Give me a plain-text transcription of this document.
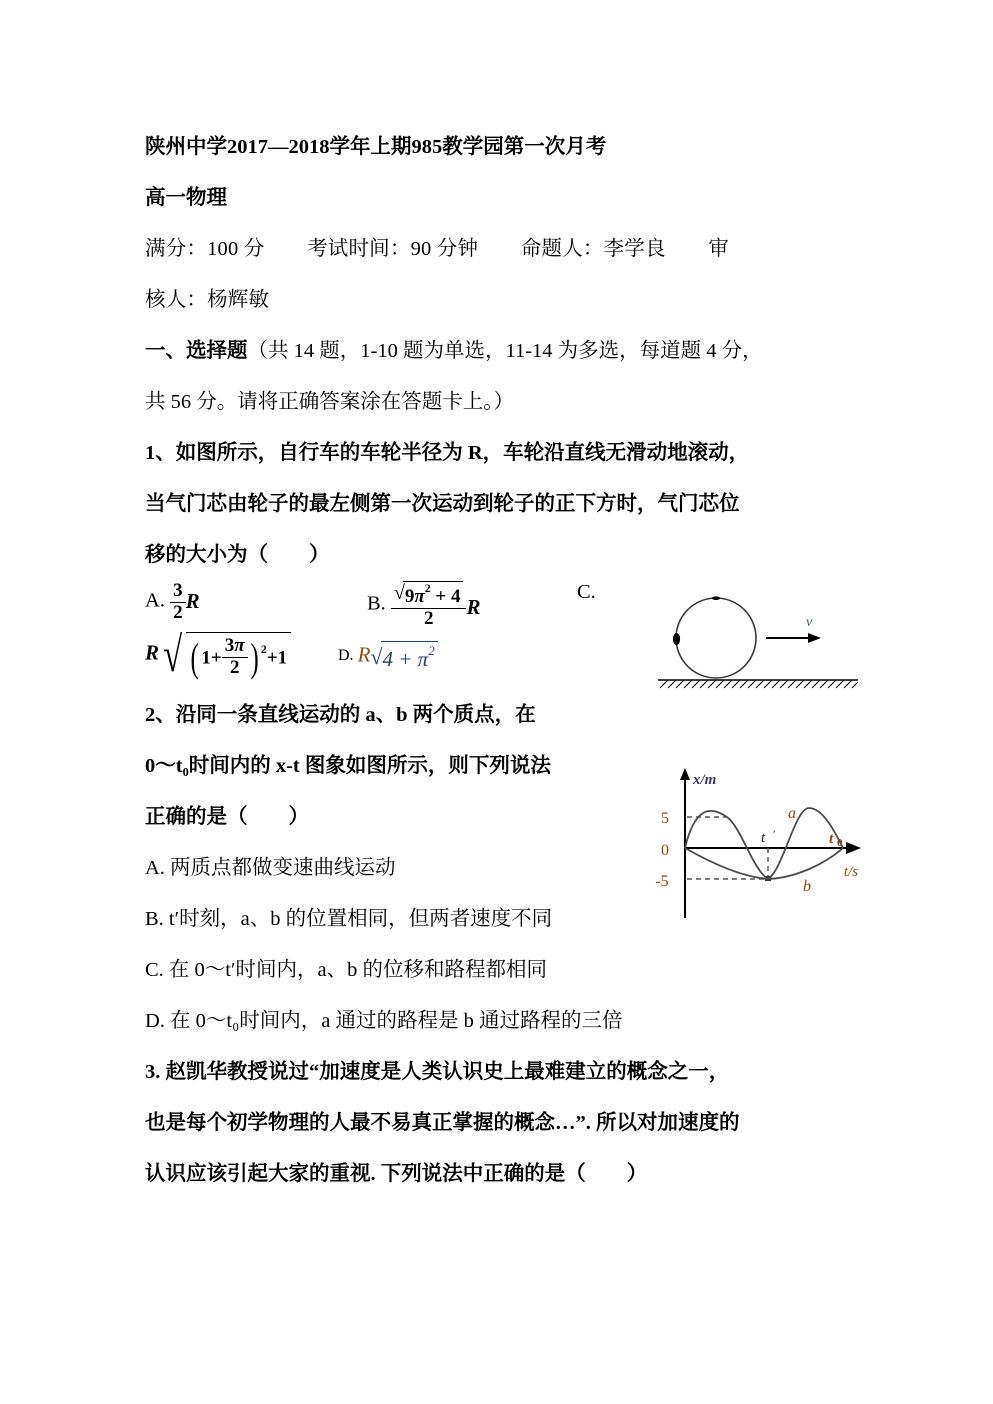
陕州中学2017—2018学年上期985教学园第一次月考
高一物理
满分：100 分        考试时间：90 分钟        命题人：李学良        审
核人：杨辉敏
一、选择题（共 14 题，1-10 题为单选，11-14 为多选，每道题 4 分，
共 56 分。请将正确答案涂在答题卡上。）
1、如图所示，自行车的车轮半径为 R，车轮沿直线无滑动地滚动，
当气门芯由轮子的最左侧第一次运动到轮子的正下方时，气门芯位
移的大小为（        ）
A. $\frac{3}{2}$ R	B. $\frac{√9\pi^2 + 4}{2}$ R
C.
R√ ( $1+ \frac{3\pi}{2}$ ) $^2$+1	D. $R√4 + \pi^2$
2、沿同一条直线运动的 a、b 两个质点，在
0～t₀时间内的 x-t 图象如图所示，则下列说法
正确的是（        ）
A. 两质点都做变速曲线运动
B. t′时刻，a、b 的位置相同，但两者速度不同
C. 在 0～t′时间内，a、b 的位移和路程都相同
D. 在 0～t₀时间内，a 通过的路程是 b 通过路程的三倍
3. 赵凯华教授说过“加速度是人类认识史上最难建立的概念之一，
也是每个初学物理的人最不易真正掌握的概念…”. 所以对加速度的
认识应该引起大家的重视. 下列说法中正确的是（        ）
v
5
0
-5
x/m
t/s
t ′	t 0
a
b
